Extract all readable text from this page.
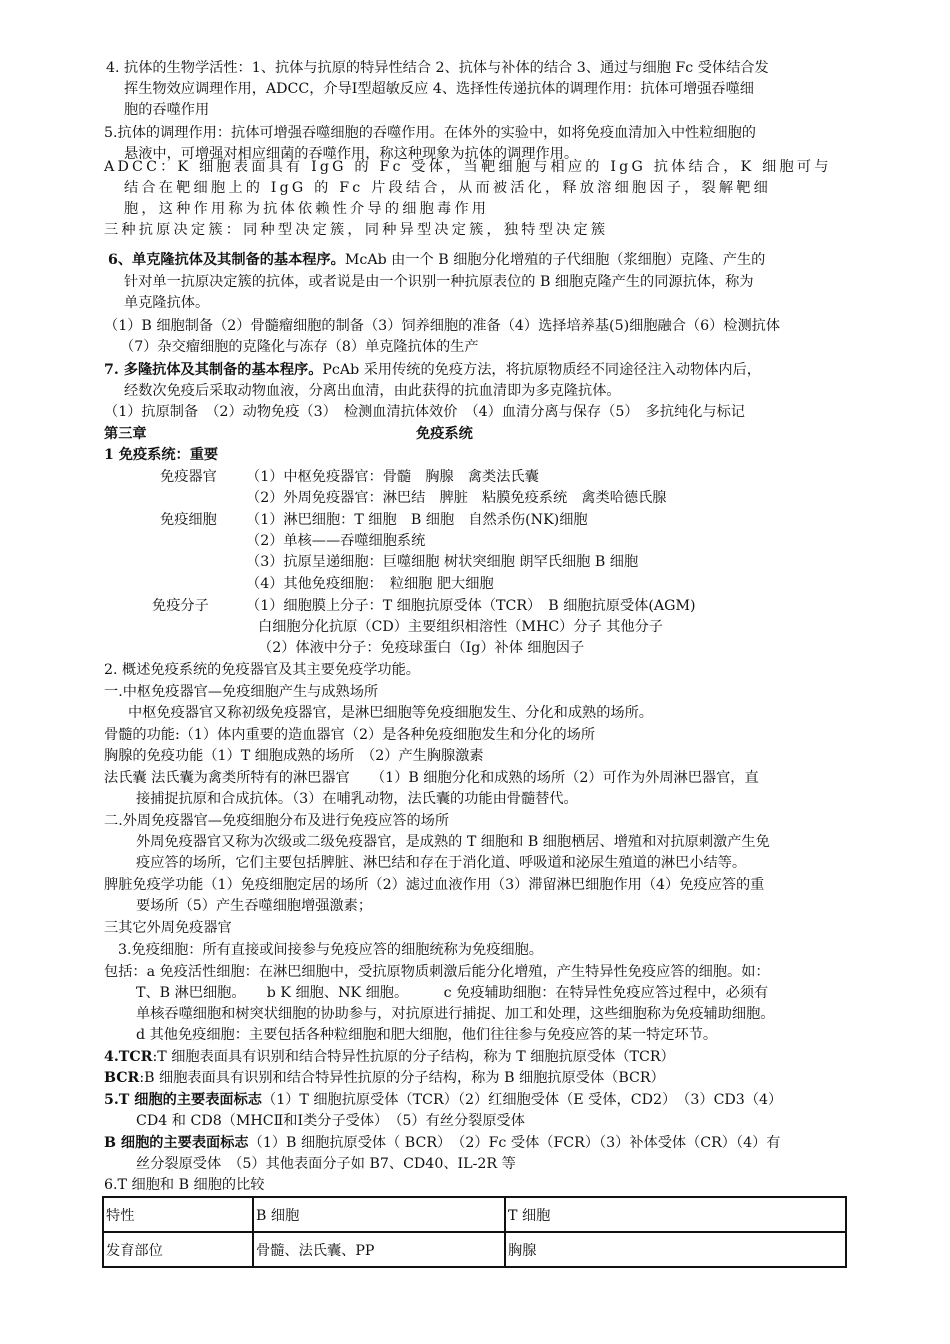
4. 抗体的生物学活性：1、抗体与抗原的特异性结合 2、抗体与补体的结合 3、通过与细胞 Fc 受体结合发
挥生物效应调理作用，ADCC，介导Ⅰ型超敏反应 4、选择性传递抗体的调理作用：抗体可增强吞噬细
胞的吞噬作用
5.抗体的调理作用：抗体可增强吞噬细胞的吞噬作用。在体外的实验中，如将免疫血清加入中性粒细胞的
悬液中，可增强对相应细菌的吞噬作用，称这种现象为抗体的调理作用。
ADCC：K 细胞表面具有 IgG 的 Fc 受体，当靶细胞与相应的 IgG 抗体结合，K 细胞可与
结合在靶细胞上的 IgG 的 Fc 片段结合，从而被活化，释放溶细胞因子，裂解靶细
胞，这种作用称为抗体依赖性介导的细胞毒作用
三种抗原决定簇：同种型决定簇，同种异型决定簇，独特型决定簇
6、单克隆抗体及其制备的基本程序。McAb 由一个 B 细胞分化增殖的子代细胞（浆细胞）克隆、产生的
针对单一抗原决定簇的抗体，或者说是由一个识别一种抗原表位的 B 细胞克隆产生的同源抗体，称为
单克隆抗体。
（1）B 细胞制备（2）骨髓瘤细胞的制备（3）饲养细胞的准备（4）选择培养基(5)细胞融合（6）检测抗体
（7）杂交瘤细胞的克隆化与冻存（8）单克隆抗体的生产
7. 多隆抗体及其制备的基本程序。PcAb 采用传统的免疫方法，将抗原物质经不同途径注入动物体内后，
经数次免疫后采取动物血液，分离出血清，由此获得的抗血清即为多克隆抗体。
（1）抗原制备　（2）动物免疫（3）　检测血清抗体效价　（4）血清分离与保存（5）　多抗纯化与标记
第三章	免疫系统
1 免疫系统：重要
免疫器官 （1）中枢免疫器官：骨髓　胸腺　禽类法氏囊
（2）外周免疫器官：淋巴结　脾脏　粘膜免疫系统　禽类哈德氏腺
免疫细胞 （1）淋巴细胞：T 细胞　B 细胞　自然杀伤(NK)细胞
（2）单核——吞噬细胞系统
（3）抗原呈递细胞：巨噬细胞 树状突细胞 朗罕氏细胞 B 细胞
（4）其他免疫细胞：　粒细胞 肥大细胞
免疫分子	（1）细胞膜上分子：T 细胞抗原受体（TCR）　B 细胞抗原受体(AGM)
白细胞分化抗原（CD）主要组织相溶性（MHC）分子 其他分子
（2）体液中分子：免疫球蛋白（Ig）补体 细胞因子
2. 概述免疫系统的免疫器官及其主要免疫学功能。
一.中枢免疫器官—免疫细胞产生与成熟场所
中枢免疫器官又称初级免疫器官，是淋巴细胞等免疫细胞发生、分化和成熟的场所。
骨髓的功能:（1）体内重要的造血器官（2）是各种免疫细胞发生和分化的场所
胸腺的免疫功能（1）T 细胞成熟的场所　（2）产生胸腺激素
法氏囊 法氏囊为禽类所特有的淋巴器官　　（1）B 细胞分化和成熟的场所（2）可作为外周淋巴器官，直
接捕捉抗原和合成抗体。（3）在哺乳动物，法氏囊的功能由骨髓替代。
二.外周免疫器官—免疫细胞分布及进行免疫应答的场所
外周免疫器官又称为次级或二级免疫器官，是成熟的 T 细胞和 B 细胞栖居、增殖和对抗原刺激产生免
疫应答的场所，它们主要包括脾脏、淋巴结和存在于消化道、呼吸道和泌尿生殖道的淋巴小结等。
脾脏免疫学功能（1）免疫细胞定居的场所（2）滤过血液作用（3）滞留淋巴细胞作用（4）免疫应答的重
要场所（5）产生吞噬细胞增强激素；
三其它外周免疫器官
3.免疫细胞：所有直接或间接参与免疫应答的细胞统称为免疫细胞。
包括：a 免疫活性细胞：在淋巴细胞中，受抗原物质刺激后能分化增殖，产生特异性免疫应答的细胞。如：
T、B 淋巴细胞。　　b K 细胞、NK 细胞。　　　c 免疫辅助细胞：在特异性免疫应答过程中，必须有
单核吞噬细胞和树突状细胞的协助参与，对抗原进行捕捉、加工和处理，这些细胞称为免疫辅助细胞。
d 其他免疫细胞：主要包括各种粒细胞和肥大细胞，他们往往参与免疫应答的某一特定环节。
4.TCR:T 细胞表面具有识别和结合特异性抗原的分子结构，称为 T 细胞抗原受体（TCR）
BCR:B 细胞表面具有识别和结合特异性抗原的分子结构，称为 B 细胞抗原受体（BCR）
5.T 细胞的主要表面标志（1）T 细胞抗原受体（TCR）（2）红细胞受体（E 受体，CD2）　（3）CD3（4）
CD4 和 CD8（MHCⅡ和Ⅰ类分子受体）　（5）有丝分裂原受体
B 细胞的主要表面标志（1）B 细胞抗原受体（ BCR）　（2）Fc 受体（FCR）（3）补体受体（CR）（4）有
丝分裂原受体　（5）其他表面分子如 B7、CD40、IL-2R 等
6.T 细胞和 B 细胞的比较
特性	B 细胞	T 细胞
发育部位	骨髓、法氏囊、PP	胸腺
